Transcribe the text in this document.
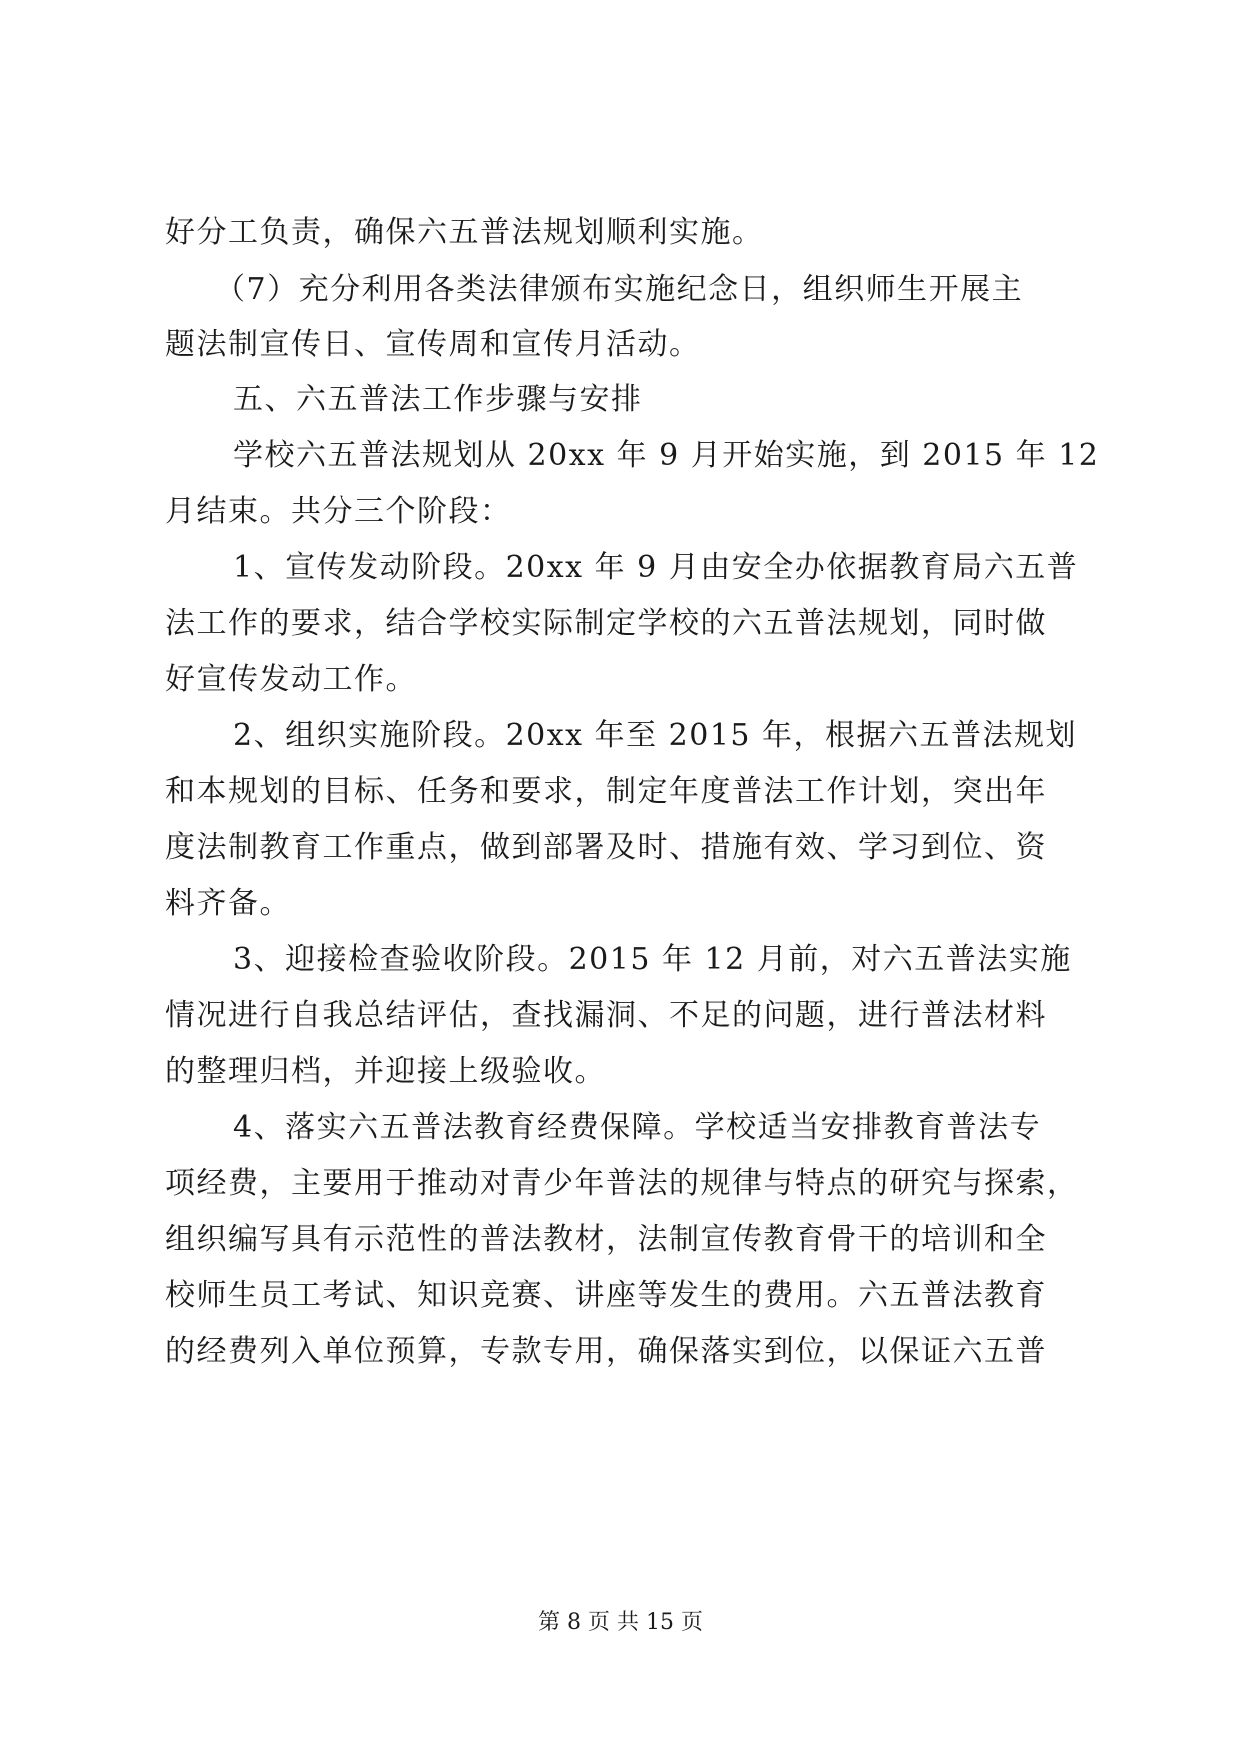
好分工负责，确保六五普法规划顺利实施。
（7）充分利用各类法律颁布实施纪念日，组织师生开展主
题法制宣传日、宣传周和宣传月活动。
五、六五普法工作步骤与安排
学校六五普法规划从 20xx 年 9 月开始实施，到 2015 年 12
月结束。共分三个阶段：
1、宣传发动阶段。20xx 年 9 月由安全办依据教育局六五普
法工作的要求，结合学校实际制定学校的六五普法规划，同时做
好宣传发动工作。
2、组织实施阶段。20xx 年至 2015 年，根据六五普法规划
和本规划的目标、任务和要求，制定年度普法工作计划，突出年
度法制教育工作重点，做到部署及时、措施有效、学习到位、资
料齐备。
3、迎接检查验收阶段。2015 年 12 月前，对六五普法实施
情况进行自我总结评估，查找漏洞、不足的问题，进行普法材料
的整理归档，并迎接上级验收。
4、落实六五普法教育经费保障。学校适当安排教育普法专
项经费，主要用于推动对青少年普法的规律与特点的研究与探索，
组织编写具有示范性的普法教材，法制宣传教育骨干的培训和全
校师生员工考试、知识竞赛、讲座等发生的费用。六五普法教育
的经费列入单位预算，专款专用，确保落实到位，以保证六五普
第 8 页 共 15 页
